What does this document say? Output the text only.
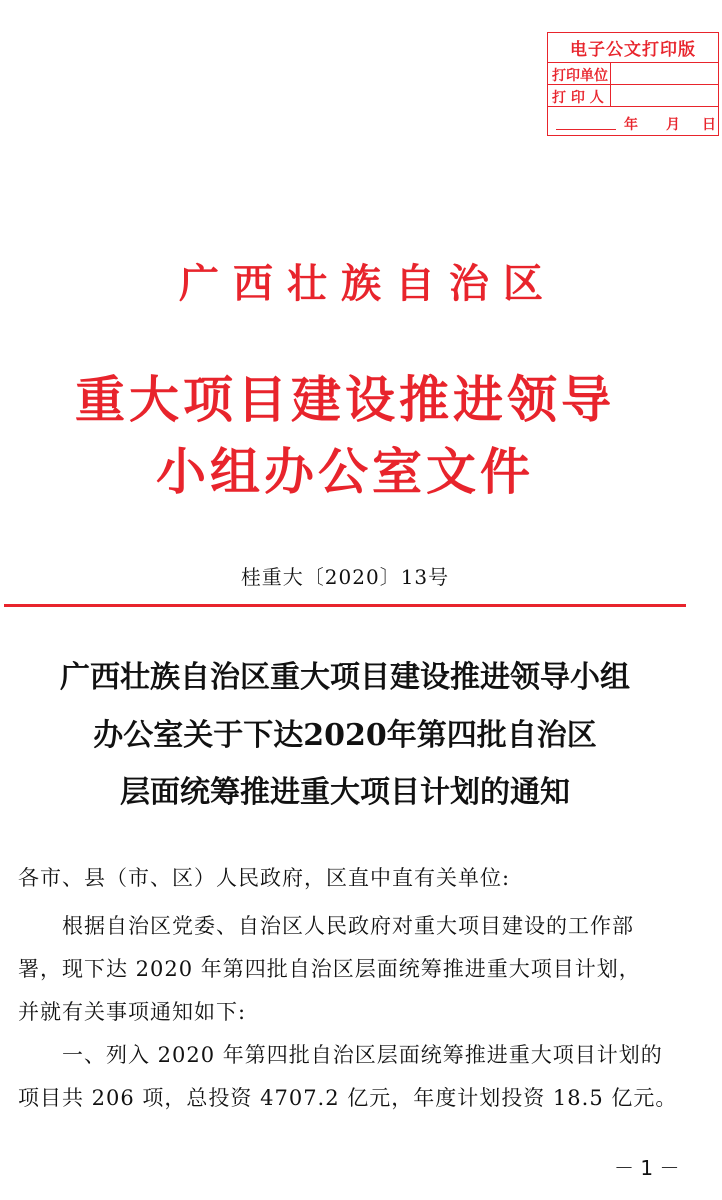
电子公文打印版
打印单位
打 印 人
年 月 日
广西壮族自治区
重大项目建设推进领导
小组办公室文件
桂重大〔2020〕13号
广西壮族自治区重大项目建设推进领导小组
办公室关于下达2020年第四批自治区
层面统筹推进重大项目计划的通知
各市、县（市、区）人民政府，区直中直有关单位:
根据自治区党委、自治区人民政府对重大项目建设的工作部
署，现下达 2020 年第四批自治区层面统筹推进重大项目计划，
并就有关事项通知如下:
一、列入 2020 年第四批自治区层面统筹推进重大项目计划的
项目共 206 项，总投资 4707.2 亿元，年度计划投资 18.5 亿元。
－ 1 －
